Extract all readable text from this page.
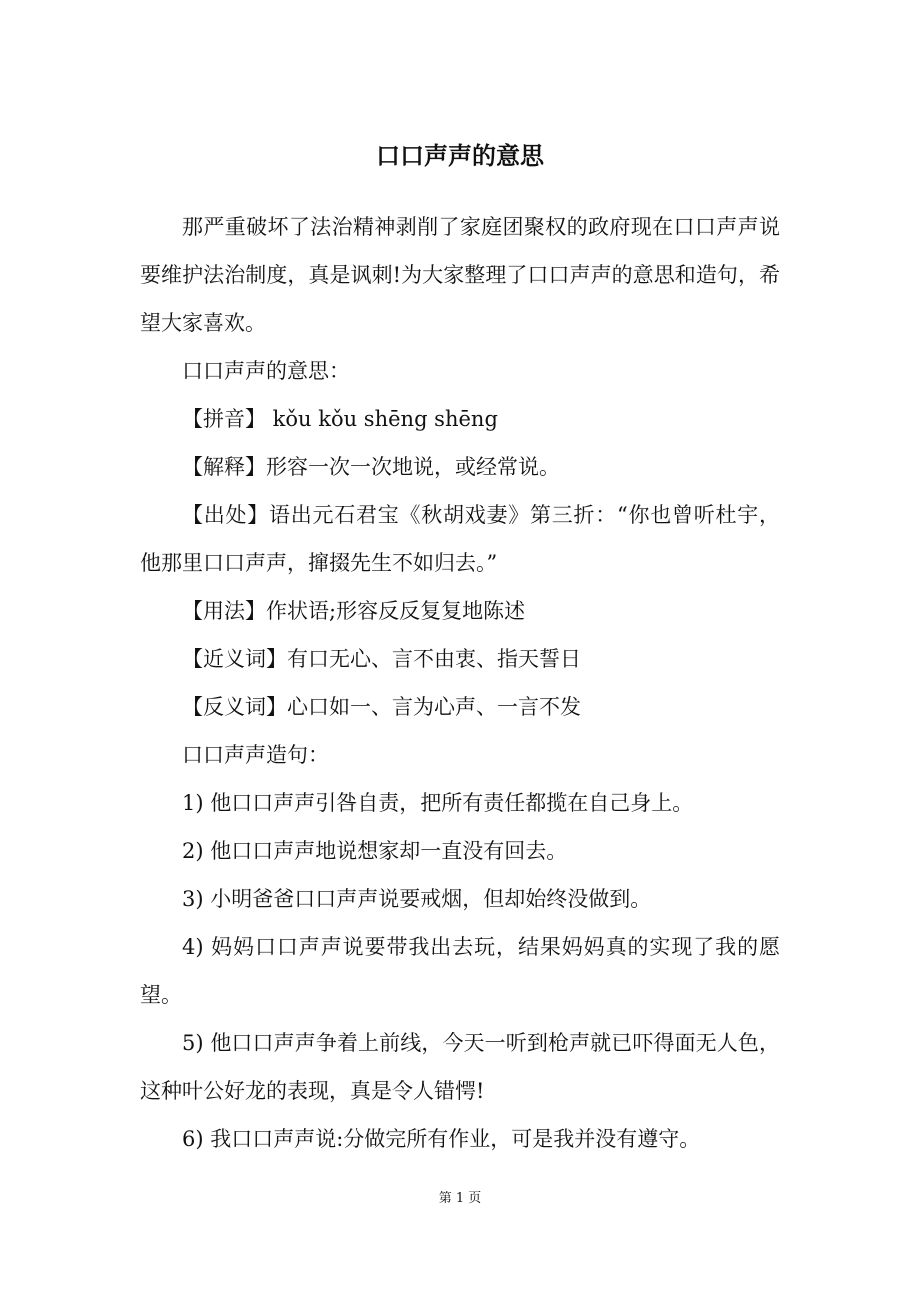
口口声声的意思

那严重破坏了法治精神剥削了家庭团聚权的政府现在口口声声说要维护法治制度，真是讽刺!为大家整理了口口声声的意思和造句，希望大家喜欢。

口口声声的意思：

【拼音】 kǒu kǒu shēng shēng

【解释】形容一次一次地说，或经常说。

【出处】语出元石君宝《秋胡戏妻》第三折：“你也曾听杜宇，他那里口口声声，撺掇先生不如归去。”

【用法】作状语;形容反反复复地陈述

【近义词】有口无心、言不由衷、指天誓日

【反义词】心口如一、言为心声、一言不发

口口声声造句：

1) 他口口声声引咎自责，把所有责任都揽在自己身上。

2) 他口口声声地说想家却一直没有回去。

3) 小明爸爸口口声声说要戒烟，但却始终没做到。

4) 妈妈口口声声说要带我出去玩，结果妈妈真的实现了我的愿望。

5) 他口口声声争着上前线，今天一听到枪声就已吓得面无人色，这种叶公好龙的表现，真是令人错愕!

6) 我口口声声说:分做完所有作业，可是我并没有遵守。

第 1 页
